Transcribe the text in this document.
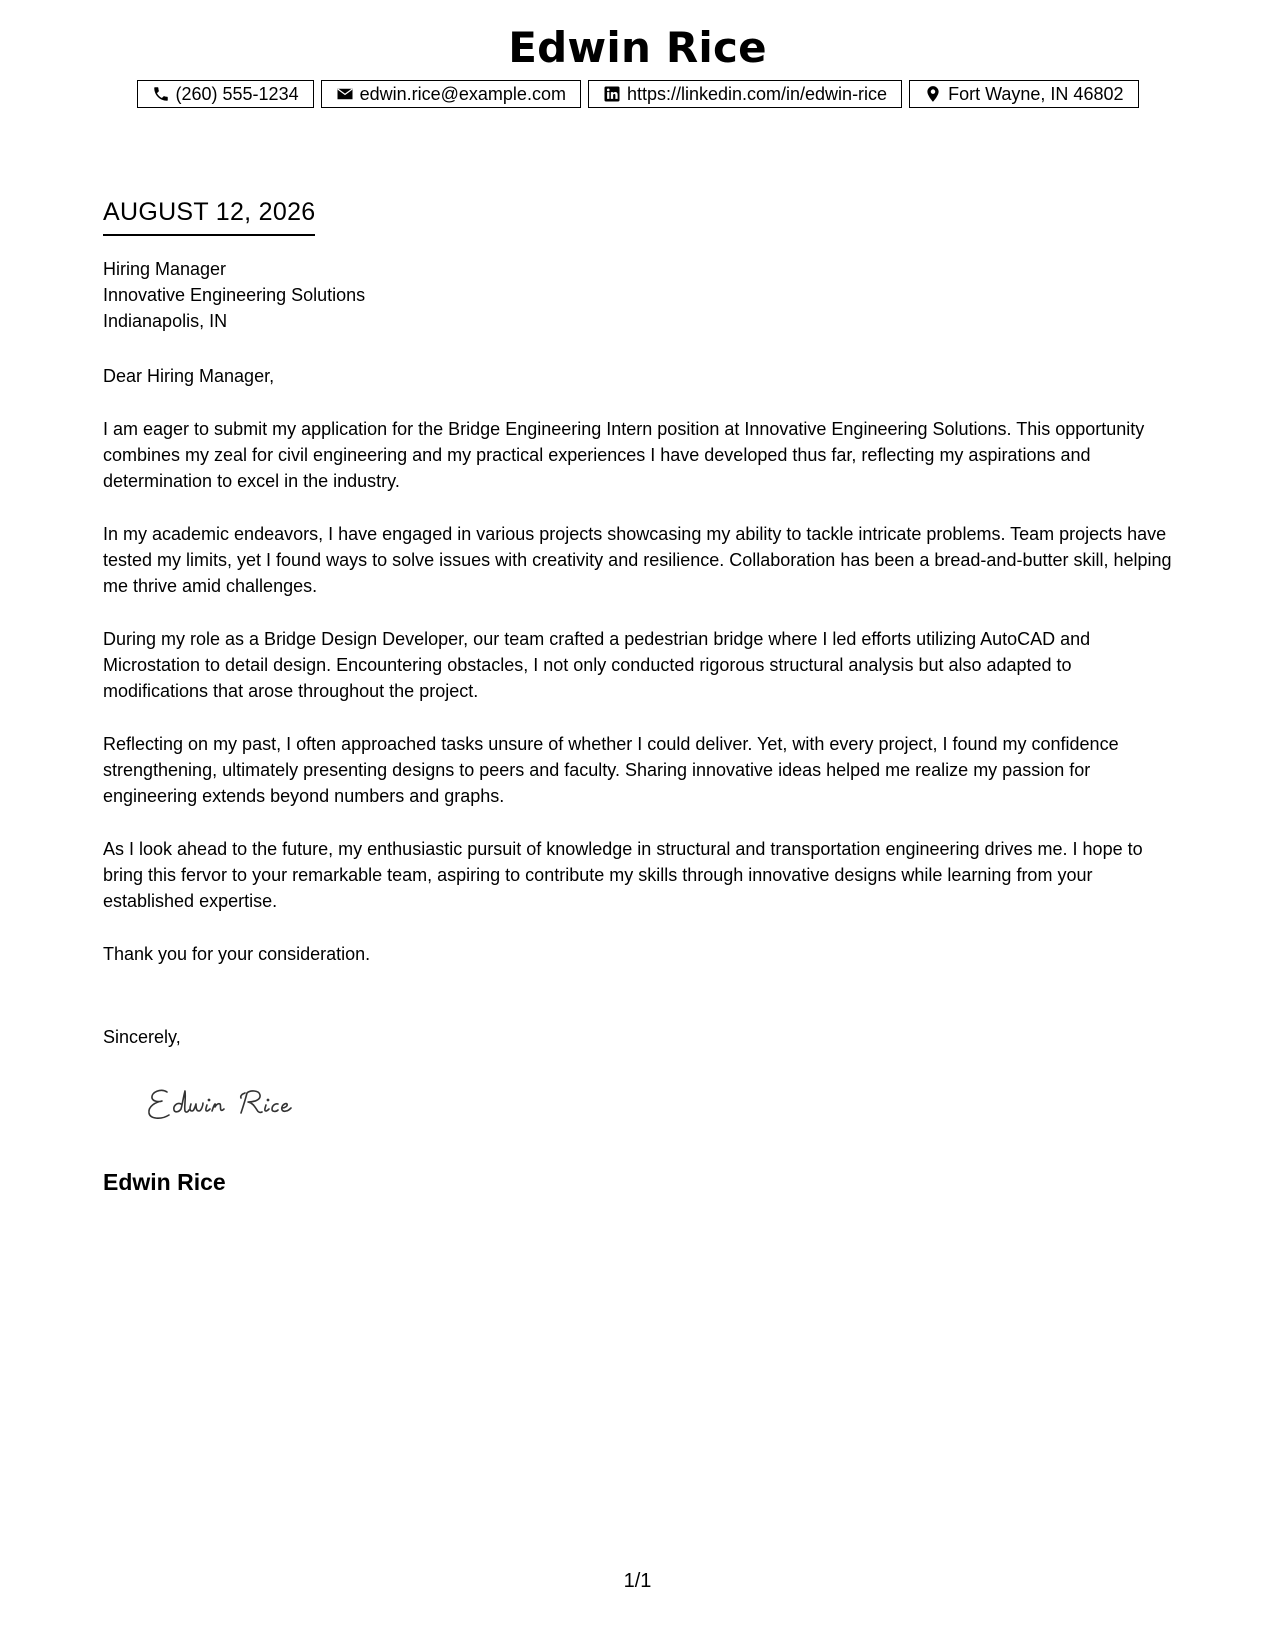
Edwin Rice
(260) 555-1234	edwin.rice@example.com	https://linkedin.com/in/edwin-rice	Fort Wayne, IN 46802
AUGUST 12, 2026
Hiring Manager
Innovative Engineering Solutions
Indianapolis, IN
Dear Hiring Manager,

I am eager to submit my application for the Bridge Engineering Intern position at Innovative Engineering Solutions. This opportunity combines my zeal for civil engineering and my practical experiences I have developed thus far, reflecting my aspirations and determination to excel in the industry.

In my academic endeavors, I have engaged in various projects showcasing my ability to tackle intricate problems. Team projects have tested my limits, yet I found ways to solve issues with creativity and resilience. Collaboration has been a bread-and-butter skill, helping me thrive amid challenges.

During my role as a Bridge Design Developer, our team crafted a pedestrian bridge where I led efforts utilizing AutoCAD and Microstation to detail design. Encountering obstacles, I not only conducted rigorous structural analysis but also adapted to modifications that arose throughout the project.

Reflecting on my past, I often approached tasks unsure of whether I could deliver. Yet, with every project, I found my confidence strengthening, ultimately presenting designs to peers and faculty. Sharing innovative ideas helped me realize my passion for engineering extends beyond numbers and graphs.

As I look ahead to the future, my enthusiastic pursuit of knowledge in structural and transportation engineering drives me. I hope to bring this fervor to your remarkable team, aspiring to contribute my skills through innovative designs while learning from your established expertise.

Thank you for your consideration.

Sincerely,
Edwin Rice
1/1
